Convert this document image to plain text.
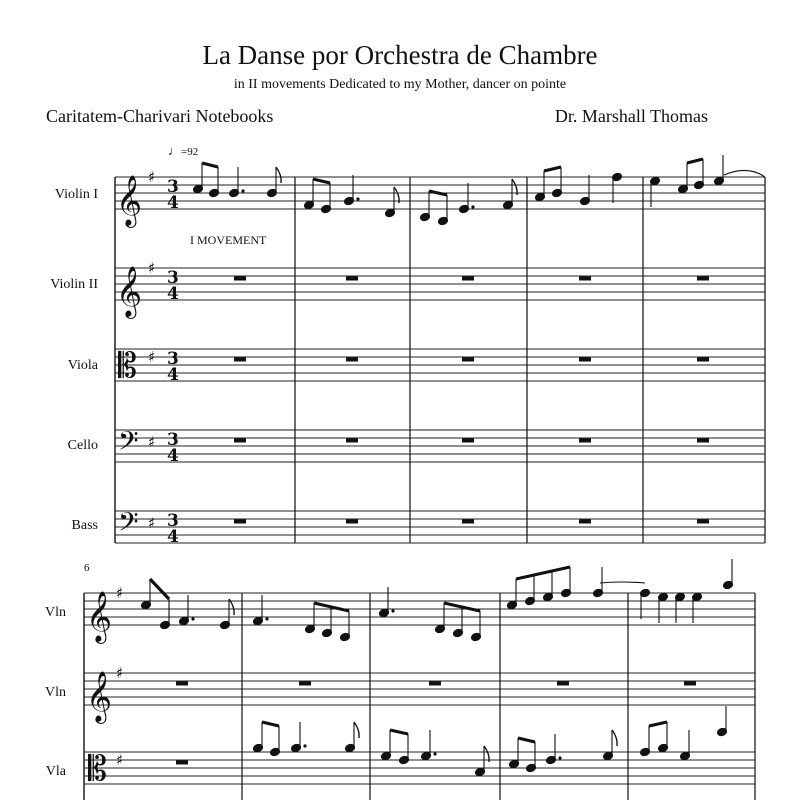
La Danse por Orchestra de Chambre
in II movements Dedicated to my Mother, dancer on pointe
Caritatem-Charivari Notebooks	Dr. Marshall Thomas
♩=92
I MOVEMENT
6
Violin I
Violin II
Viola
Cello
Bass
Vln
Vln
Vla
𝄞 ♯ 3
4
𝄞 ♯ 3
4
𝄡 ♯ 3
4
𝄢 ♯ 3
4
𝄢 ♯ 3
4
𝄞 ♯
𝄞 ♯
𝄡 ♯
